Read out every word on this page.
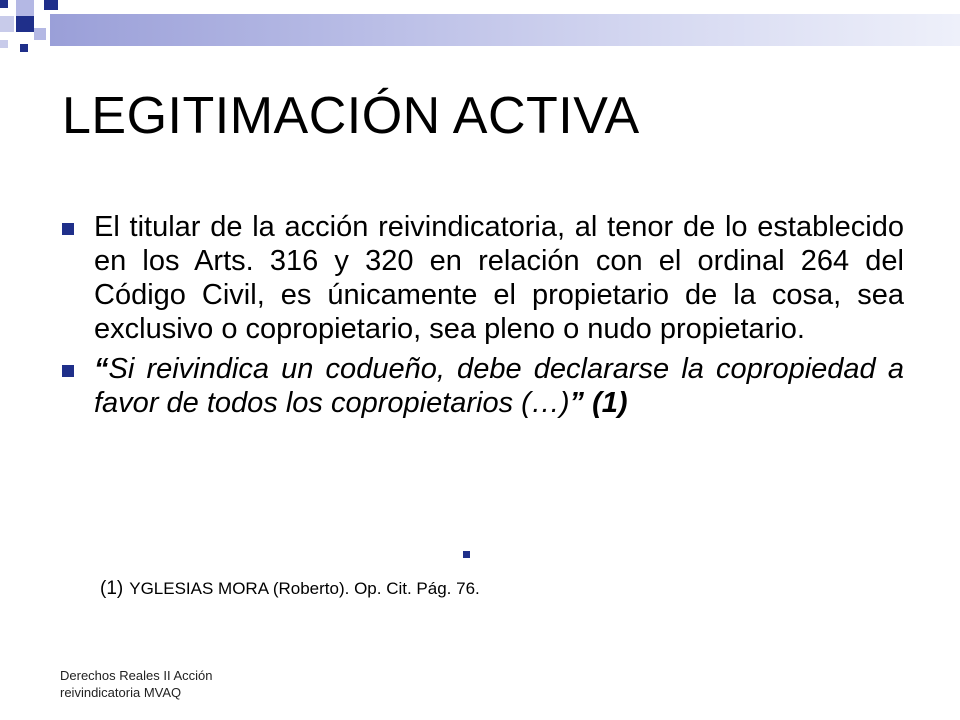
LEGITIMACIÓN ACTIVA

El titular de la acción reivindicatoria, al tenor de lo establecido en los Arts. 316 y 320 en relación con el ordinal 264 del Código Civil, es únicamente el propietario de la cosa, sea exclusivo o copropietario, sea pleno o nudo propietario.

“Si reivindica un codueño, debe declararse la copropiedad a favor de todos los copropietarios (…)” (1)

(1) YGLESIAS MORA (Roberto). Op. Cit. Pág. 76.
Derechos Reales II Acción reivindicatoria MVAQ
